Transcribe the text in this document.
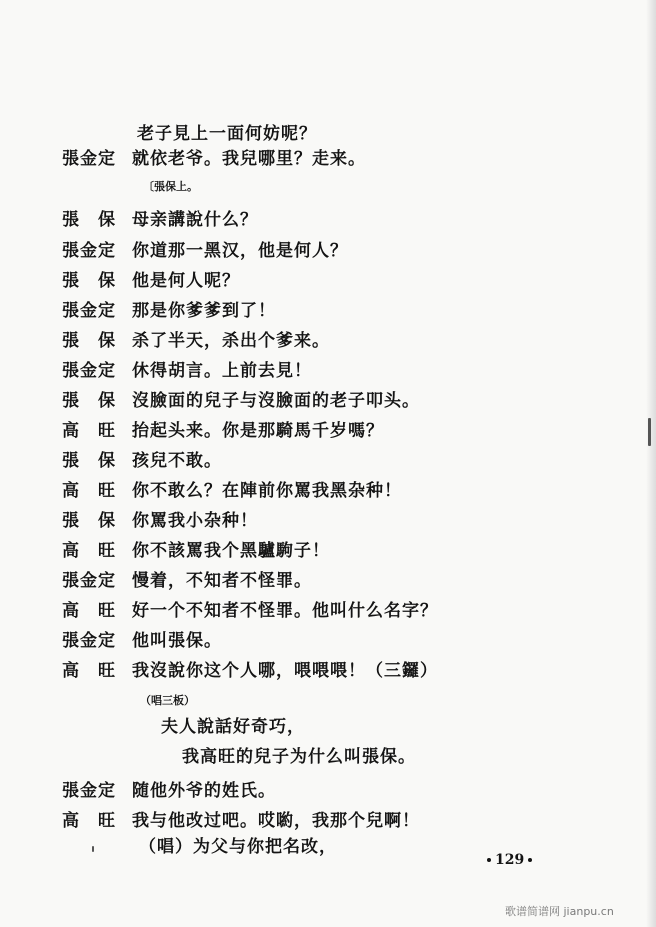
老子見上一面何妨呢？
張金定 就依老爷。我兒哪里？走来。
〔張保上。
張　保 母亲講說什么？
張金定 你道那一黑汉，他是何人？
張　保 他是何人呢？
張金定 那是你爹爹到了！
張　保 杀了半天，杀出个爹来。
張金定 休得胡言。上前去見！
張　保 沒臉面的兒子与沒臉面的老子叩头。
高　旺 抬起头来。你是那騎馬千岁嗎？
張　保 孩兒不敢。
高　旺 你不敢么？在陣前你罵我黑杂种！
張　保 你罵我小杂种！
高　旺 你不該罵我个黑驢駒子！
張金定 慢着，不知者不怪罪。
高　旺 好一个不知者不怪罪。他叫什么名字？
張金定 他叫張保。
高　旺 我沒說你这个人哪，喂喂喂！（三鑼）
（唱三板）
夫人說話好奇巧，
我高旺的兒子为什么叫張保。
張金定 随他外爷的姓氏。
高　旺 我与他改过吧。哎喲，我那个兒啊！
（唱）为父与你把名改，
129
歌谱简谱网 jianpu.cn
